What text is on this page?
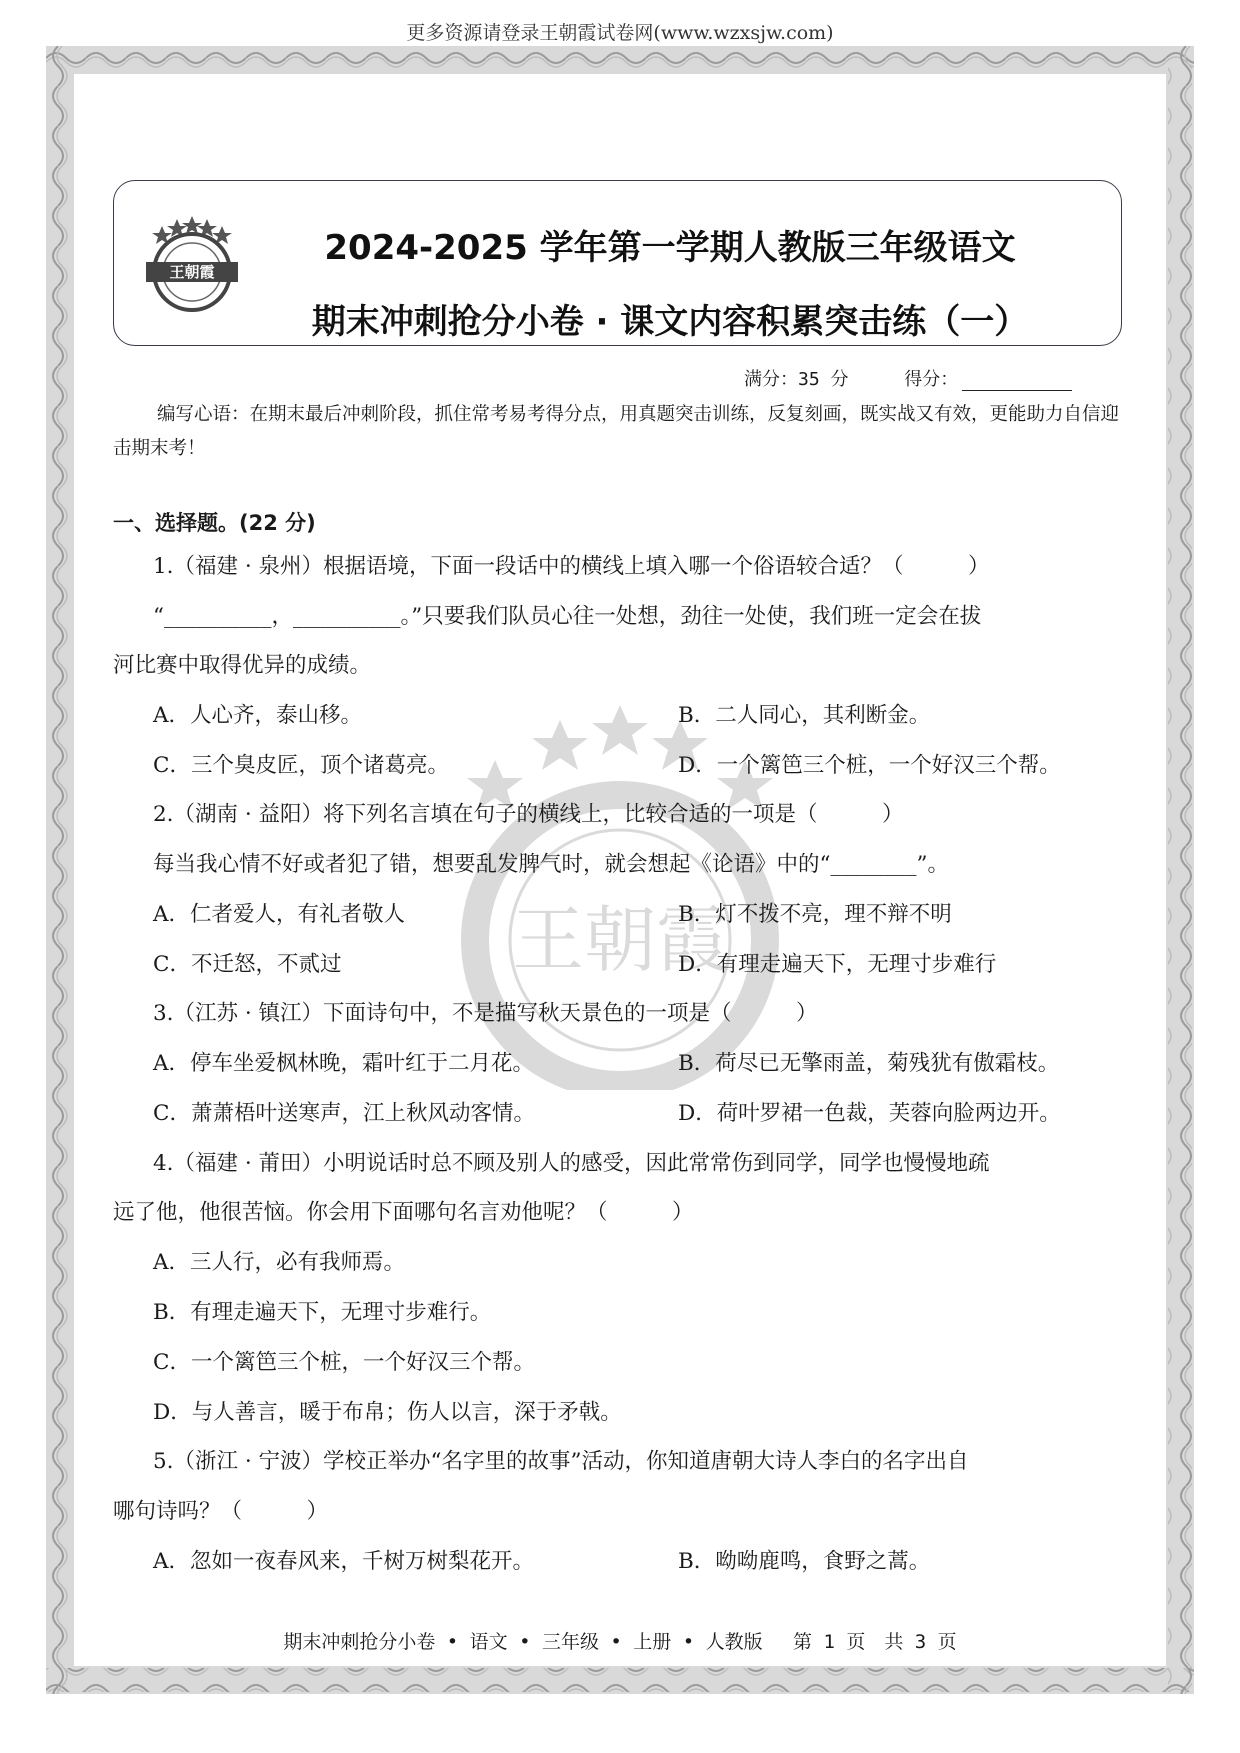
更多资源请登录王朝霞试卷网(www.wzxsjw.com)
王朝霞
2024-2025 学年第一学期人教版三年级语文
期末冲刺抢分小卷 · 课文内容积累突击练（一）
满分：35 分	得分：
编写心语：在期末最后冲刺阶段，抓住常考易考得分点，用真题突击训练，反复刻画，既实战又有效，更能助力自信迎击期末考！
王朝霞
一、选择题。(22 分)
1.（福建 · 泉州）根据语境，下面一段话中的横线上填入哪一个俗语较合适？（　　　）
“__________，__________。”只要我们队员心往一处想，劲往一处使，我们班一定会在拔
河比赛中取得优异的成绩。
A．人心齐，泰山移。	B．二人同心，其利断金。
C．三个臭皮匠，顶个诸葛亮。	D．一个篱笆三个桩，一个好汉三个帮。
2.（湖南 · 益阳）将下列名言填在句子的横线上，比较合适的一项是（　　　）
每当我心情不好或者犯了错，想要乱发脾气时，就会想起《论语》中的“________”。
A．仁者爱人，有礼者敬人	B．灯不拨不亮，理不辩不明
C．不迁怒，不贰过	D．有理走遍天下，无理寸步难行
3.（江苏 · 镇江）下面诗句中，不是描写秋天景色的一项是（　　　）
A．停车坐爱枫林晚，霜叶红于二月花。	B．荷尽已无擎雨盖，菊残犹有傲霜枝。
C．萧萧梧叶送寒声，江上秋风动客情。	D．荷叶罗裙一色裁，芙蓉向脸两边开。
4.（福建 · 莆田）小明说话时总不顾及别人的感受，因此常常伤到同学，同学也慢慢地疏
远了他，他很苦恼。你会用下面哪句名言劝他呢？（　　　）
A．三人行，必有我师焉。
B．有理走遍天下，无理寸步难行。
C．一个篱笆三个桩，一个好汉三个帮。
D．与人善言，暖于布帛；伤人以言，深于矛戟。
5.（浙江 · 宁波）学校正举办“名字里的故事”活动，你知道唐朝大诗人李白的名字出自
哪句诗吗？（　　　）
A．忽如一夜春风来，千树万树梨花开。	B．呦呦鹿鸣，食野之蒿。
期末冲刺抢分小卷 • 语文 • 三年级 • 上册 • 人教版　 第 1 页　共 3 页
